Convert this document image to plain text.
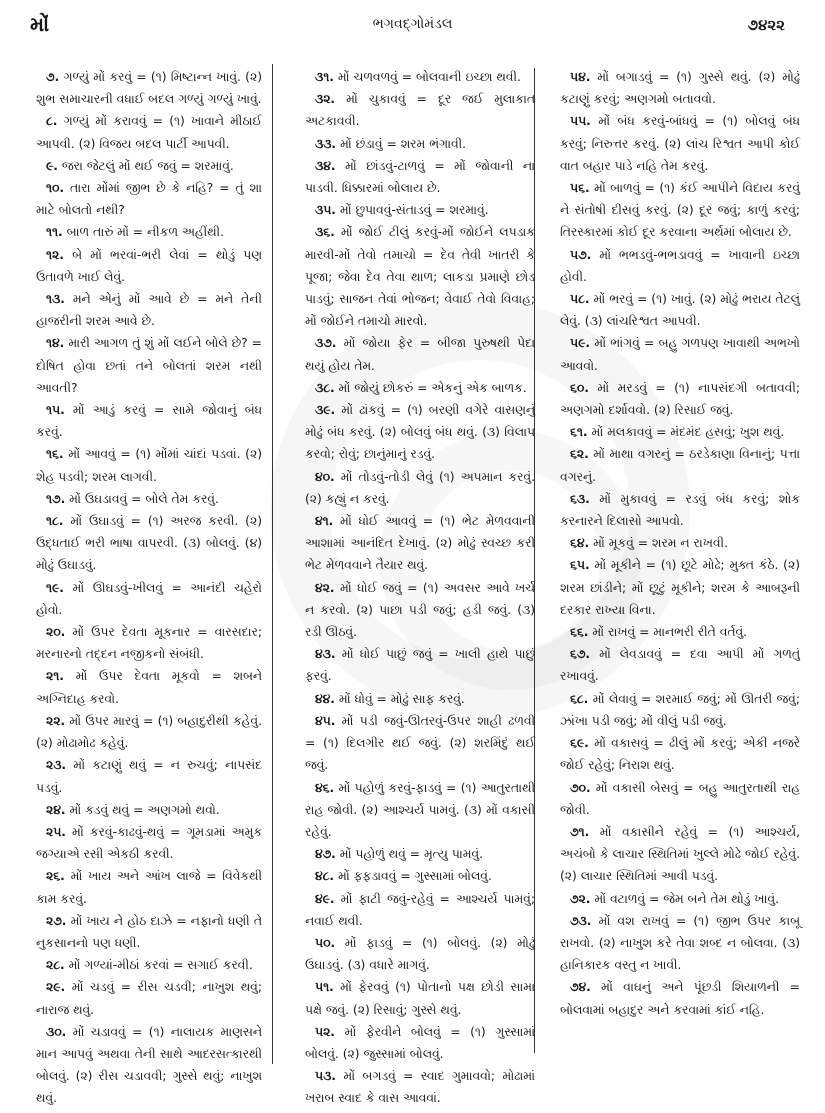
મોં	ભગવદ્ગોમંડલ	૭૪૨૨

૭. ગળ્યું મોં કરવું = (૧) મિષ્ટાન્ન ખાવું. (૨) શુભ સમાચારની વધાઈ બદલ ગળ્યું ગળ્યું ખાવું.

૮. ગળ્યું મોં કરાવવું = (૧) ખાવાને મીઠાઈ આપવી. (૨) વિજય બદલ પાર્ટી આપવી.

૯. જરા જેટલું મોં થઈ જવું = શરમાવું.

૧૦. તારા મોંમાં જીભ છે કે નહિ? = તું શા માટે બોલતો નથી?

૧૧. બાળ તારું મોં = નીકળ અહીંથી.

૧૨. બે મોં ભરવાં-ભરી લેવાં = થોડું પણ ઉતાવળે ખાઈ લેવું.

૧૩. મને એનું મોં આવે છે = મને તેની હાજરીની શરમ આવે છે.

૧૪. મારી આગળ તું શું મોં લઈને બોલે છે? = દોષિત હોવા છતાં તને બોલતાં શરમ નથી આવતી?

૧૫. મોં આડું કરવું = સામે જોવાનું બંધ કરવું.

૧૬. મોં આવવું = (૧) મોંમાં ચાંદાં પડવાં. (૨) શેહ પડવી; શરમ લાગવી.

૧૭. મોં ઉઘડાવવું = બોલે તેમ કરવું.

૧૮. મોં ઉઘાડવું = (૧) અરજ કરવી. (૨) ઉદ્ધતાઈ ભરી ભાષા વાપરવી. (૩) બોલવું. (૪) મોઢું ઉઘાડવું.

૧૯. મોં ઊઘડવું-ખીલવું = આનંદી ચહેરો હોવો.

૨૦. મોં ઉપર દેવતા મૂકનાર = વારસદાર; મરનારનો તદ્દન નજીકનો સંબંધી.

૨૧. મોં ઉપર દેવતા મૂકવો = શબને અગ્નિદાહ કરવો.

૨૨. મોં ઉપર મારવું = (૧) બહાદુરીથી કહેવું. (૨) મોઢામોઢ કહેવું.

૨૩. મોં કટાણું થવું = ન રુચવું; નાપસંદ પડવું.

૨૪. મોં કડવું થવું = અણગમો થવો.

૨૫. મોં કરવું-કાઢવું-થવું = ગૂમડામાં અમુક જગ્યાએ રસી એકઠી કરવી.

૨૬. મોં ખાય અને આંખ લાજે = વિવેકથી કામ કરવું.

૨૭. મોં ખાય ને હોઠ દાઝે = નફાનો ધણી તે નુકસાનનો પણ ધણી.

૨૮. મોં ગળ્યાં-મીઠાં કરવાં = સગાઈ કરવી.

૨૯. મોં ચડવું = રીસ ચડવી; નાખુશ થવું; નારાજ થવું.

૩૦. મોં ચડાવવું = (૧) નાલાયક માણસને માન આપવું અથવા તેની સાથે આદરસત્કારથી બોલવું. (૨) રીસ ચડાવવી; ગુસ્સે થવું; નાખુશ થવું.

૩૧. મોં ચળવળવું = બોલવાની ઇચ્છા થવી.

૩૨. મોં ચુકાવવું = દૂર જઈ મુલાકાત અટકાવવી.

૩૩. મોં છંડાવું = શરમ ભંગાવી.

૩૪. મોં છાંડવું-ટાળવું = મોં જોવાની ના પાડવી. ધિક્કારમાં બોલાય છે.

૩૫. મોં છુપાવવું-સંતાડવું = શરમાવું.

૩૬. મોં જોઈ ટીલું કરવું-મોં જોઈને લપડાક મારવી-મોં તેવો તમાચો = દેવ તેવી ખાતરી કે પૂજા; જેવા દેવ તેવા થાળ; લાકડા પ્રમાણે છોડ પાડવું; સાજન તેવાં ભોજન; વેવાઈ તેવો વિવાહ; મોં જોઈને તમાચો મારવો.

૩૭. મોં જોયા ફેર = બીજા પુરુષથી પેદા થયું હોય તેમ.

૩૮. મોં જોયું છોકરું = એકનું એક બાળક.

૩૯. મોં ઢાંકવું = (૧) બરણી વગેરે વાસણનું મોઢું બંધ કરવું. (૨) બોલવું બંધ થવું. (૩) વિલાપ કરવો; રોવું; છાનુંમાનું રડવું.

૪૦. મોં તોડવું-તોડી લેવું (૧) અપમાન કરવું. (૨) કહ્યું ન કરવું.

૪૧. મોં ધોઈ આવવું = (૧) ભેટ મેળવવાની આશામાં આનંદિત દેખાવું. (૨) મોઢું સ્વચ્છ કરી ભેટ મેળવવાને તૈયાર થવું.

૪૨. મોં ધોઈ જવું = (૧) અવસર આવે ખર્ચ ન કરવો. (૨) પાછા પડી જવું; હડી જવું. (૩) રડી ઊઠવું.

૪૩. મોં ધોઈ પાછું જવું = ખાલી હાથે પાછું ફરવું.

૪૪. મોં ધોવું = મોઢું સાફ કરવું.

૪૫. મોં પડી જવું-ઊતરવું-ઉપર શાહી ઢળવી = (૧) દિલગીર થઈ જવું. (૨) શરમિંદું થઈ જવું.

૪૬. મોં પહોળું કરવું-ફાડવું = (૧) આતુરતાથી રાહ જોવી. (૨) આશ્ચર્ય પામવું. (૩) મોં વકાસી રહેવું.

૪૭. મોં પહોળું થવું = મૃત્યુ પામવું.

૪૮. મોં ફફડાવવું = ગુસ્સામાં બોલવું.

૪૯. મોં ફાટી જવું-રહેવું = આશ્ચર્ય પામવું; નવાઈ થવી.

૫૦. મોં ફાડવું = (૧) બોલવું. (૨) મોઢું ઉઘાડવું. (૩) વધારે માગવું.

૫૧. મોં ફેરવવું (૧) પોતાનો પક્ષ છોડી સામા પક્ષે જવું. (૨) રિસાવું; ગુસ્સે થવું.

૫૨. મોં ફેરવીને બોલવું = (૧) ગુસ્સામાં બોલવું. (૨) જુસ્સામાં બોલવું.

૫૩. મોં બગડવું = સ્વાદ ગુમાવવો; મોઢામાં ખરાબ સ્વાદ કે વાસ આવવાં.

૫૪. મોં બગાડવું = (૧) ગુસ્સે થવું. (૨) મોઢું કટાણું કરવું; અણગમો બતાવવો.

૫૫. મોં બંધ કરવું-બાંધવું = (૧) બોલવું બંધ કરવું; નિરુત્તર કરવું. (૨) લાંચ રિશ્વત આપી કોઈ વાત બહાર પાડે નહિ તેમ કરવું.

૫૬. મોં બાળવું = (૧) કંઈ આપીને વિદાય કરવું ને સંતોષી દીસવું કરવું. (૨) દૂર જવું; કાળું કરવું; તિરસ્કારમાં કોઈ દૂર કરવાના અર્થમાં બોલાય છે.

૫૭. મોં ભભડવું-ભભડાવવું = ખાવાની ઇચ્છા હોવી.

૫૮. મોં ભરવું = (૧) ખાવું. (૨) મોઢું ભરાય તેટલું લેવું. (૩) લાંચરિશ્વત આપવી.

૫૯. મોં ભાંગવું = બહુ ગળપણ ખાવાથી અભખો આવવો.

૬૦. મોં મરડવું = (૧) નાપસંદગી બતાવવી; અણગમો દર્શાવવો. (૨) રિસાઈ જવું.

૬૧. મોં મલકાવવું = મંદમંદ હસવું; ખુશ થવું.

૬૨. મોં માથા વગરનું = ઠરડેકાણા વિનાનું; પત્તા વગરનું.

૬૩. મોં મુકાવવું = રડવું બંધ કરવું; શોક કરનારને દિલાસો આપવો.

૬૪. મોં મૂકવું = શરમ ન રાખવી.

૬૫. મોં મૂકીને = (૧) છૂટે મોઢે; મુક્ત કંઠે. (૨) શરમ છાંડીને; મોં છૂટું મૂકીને; શરમ કે આબરૂની દરકાર રાખ્યા વિના.

૬૬. મોં રાખવું = માનભરી રીતે વર્તવું.

૬૭. મોં લેવડાવવું = દવા આપી મોં ગળતું રખાવવું.

૬૮. મોં લેવાવું = શરમાઈ જવું; મોં ઊતરી જવું; ઝાંખા પડી જવું; મોં વીલું પડી જવું.

૬૯. મોં વકાસવું = ઢીલું મોં કરવું; એકી નજરે જોઈ રહેવું; નિરાશ થવું.

૭૦. મોં વકાસી બેસવું = બહુ આતુરતાથી રાહ જોવી.

૭૧. મોં વકાસીને રહેવું = (૧) આશ્ચર્ય, અચંબો કે લાચાર સ્થિતિમાં ખુલ્લે મોઢે જોઈ રહેવું. (૨) લાચાર સ્થિતિમાં આવી પડવું.

૭૨. મોં વટાળવું = જેમ બને તેમ થોડું ખાવું.

૭૩. મોં વશ રાખવું = (૧) જીભ ઉપર કાબૂ રાખવો. (૨) નાખુશ કરે તેવા શબ્દ ન બોલવા. (૩) હાનિકારક વસ્તુ ન ખાવી.

૭૪. મોં વાઘનું અને પૂંછડી શિયાળની = બોલવામાં બહાદુર અને કરવામાં કાંઈ નહિ.
